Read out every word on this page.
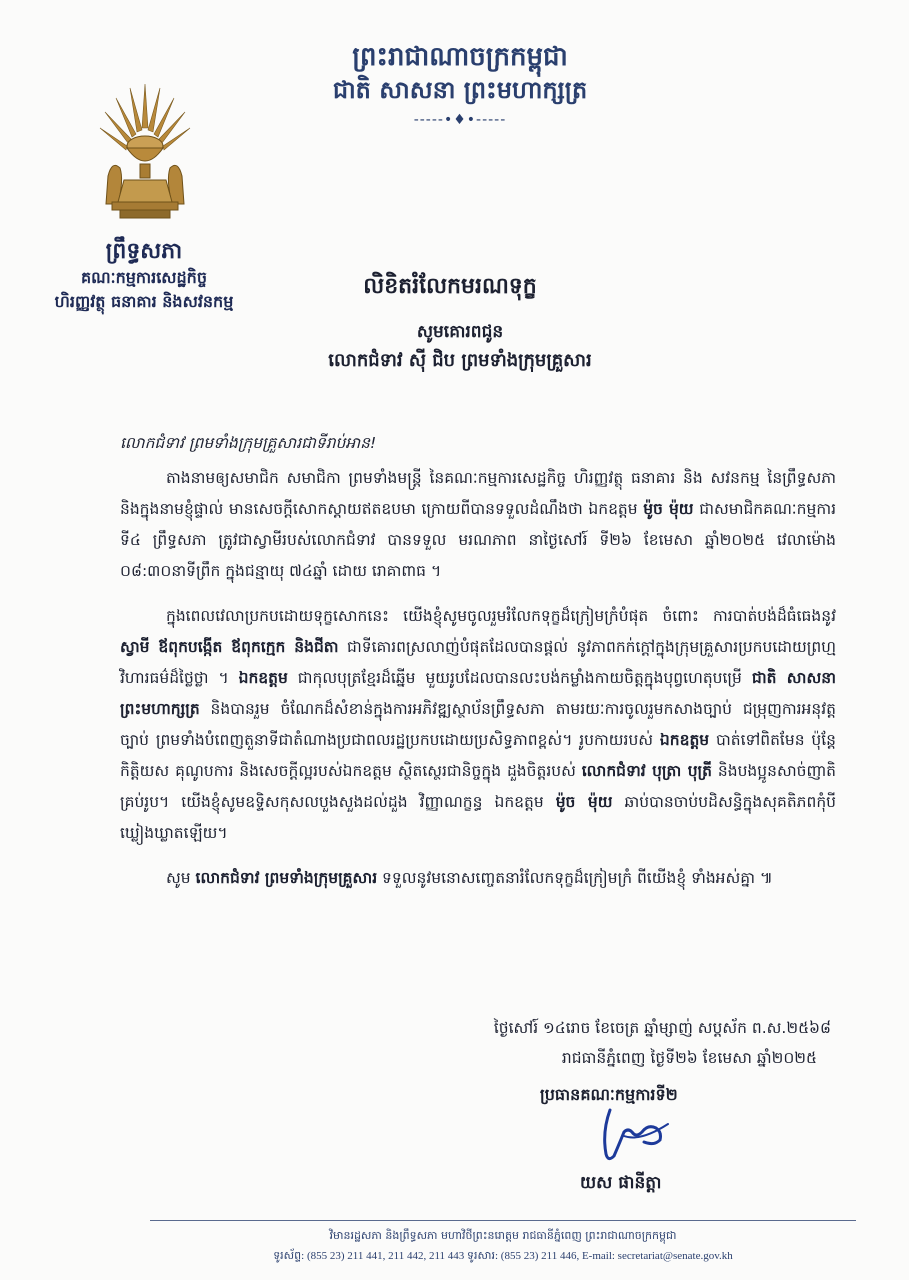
ព្រះរាជាណាចក្រកម្ពុជា
ជាតិ សាសនា ព្រះមហាក្សត្រ
-----•♦•-----
ព្រឹទ្ធសភា
គណៈកម្មការសេដ្ឋកិច្ច
ហិរញ្ញវត្ថុ ធនាគារ និងសវនកម្ម
លិខិតរំលែកមរណទុក្ខ
សូមគោរពជូន
លោកជំទាវ ស៊ី ជិប ព្រមទាំងក្រុមគ្រួសារ

លោកជំទាវ ព្រមទាំងក្រុមគ្រួសារជាទីរាប់អាន!

តាងនាមឲ្យសមាជិក សមាជិកា ព្រមទាំងមន្រ្តី នៃគណៈកម្មការសេដ្ឋកិច្ច ហិរញ្ញវត្ថុ ធនាគារ និង សវនកម្ម នៃព្រឹទ្ធសភា និងក្នុងនាមខ្ញុំផ្ទាល់ មានសេចក្តីសោកស្តាយឥតឧបមា ក្រោយពីបានទទួលដំណឹងថា ឯកឧត្តម ម៉ូច ម៉ុយ ជាសមាជិកគណៈកម្មការទី៤ ព្រឹទ្ធសភា ត្រូវជាស្វាមីរបស់លោកជំទាវ បានទទួល មរណភាព នាថ្ងៃសៅរ៍ ទី២៦ ខែមេសា ឆ្នាំ២០២៥ វេលាម៉ោង ០៨:៣០នាទីព្រឹក ក្នុងជន្មាយុ ៧៤ឆ្នាំ ដោយ រោគាពាធ ។

ក្នុងពេលវេលាប្រកបដោយទុក្ខសោកនេះ យើងខ្ញុំសូមចូលរួមរំលែកទុក្ខដ៏ក្រៀមក្រំបំផុត ចំពោះ ការបាត់បង់ដ៏ធំធេងនូវស្វាមី ឪពុកបង្កើត ឪពុកក្មេក និងជីតា ជាទីគោរពស្រលាញ់បំផុតដែលបានផ្តល់ នូវភាពកក់ក្តៅក្នុងក្រុមគ្រួសារប្រកបដោយព្រហ្មវិហារធម៌ដ៏ថ្លៃថ្លា ។ ឯកឧត្តម ជាកុលបុត្រខ្មែរដ៏ឆ្នើម មួយរូបដែលបានលះបង់កម្លាំងកាយចិត្តក្នុងបុព្វហេតុបម្រើ ជាតិ សាសនា ព្រះមហាក្សត្រ និងបានរួម ចំណែកដ៏សំខាន់ក្នុងការអភិវឌ្ឍស្ថាប័នព្រឹទ្ធសភា តាមរយៈការចូលរួមកសាងច្បាប់ ជម្រុញការអនុវត្តច្បាប់ ព្រមទាំងបំពេញតួនាទីជាតំណាងប្រជាពលរដ្ឋប្រកបដោយប្រសិទ្ធភាពខ្ពស់។ រូបកាយរបស់ ឯកឧត្តម បាត់ទៅពិតមែន ប៉ុន្តែកិត្តិយស គុណូបការ និងសេចក្តីល្អរបស់ឯកឧត្តម ស្ថិតស្ថេរជានិច្ចក្នុង ដួងចិត្តរបស់ លោកជំទាវ បុត្រា បុត្រី និងបងប្អូនសាច់ញាតិគ្រប់រូប។ យើងខ្ញុំសូមឧទ្ទិសកុសលបួងសួងដល់ដួង វិញ្ញាណក្ខន្ធ ឯកឧត្តម ម៉ូច ម៉ុយ ឆាប់បានចាប់បដិសន្ធិក្នុងសុគតិភពកុំបីឃ្លៀងឃ្លាតឡើយ។

សូម លោកជំទាវ ព្រមទាំងក្រុមគ្រួសារ ទទួលនូវមនោសញ្ចេតនារំលែកទុក្ខដ៏ក្រៀមក្រំ ពីយើងខ្ញុំ ទាំងអស់គ្នា ៕

ថ្ងៃសៅរ៍ ១៤រោច ខែចេត្រ ឆ្នាំម្សាញ់ សប្តស័ក ព.ស.២៥៦៨
រាជធានីភ្នំពេញ ថ្ងៃទី២៦ ខែមេសា ឆ្នាំ២០២៥
ប្រធានគណៈកម្មការទី២
យស ផានីត្តា
វិមានរដ្ឋសភា និងព្រឹទ្ធសភា មហាវិថីព្រះនរោត្តម រាជធានីភ្នំពេញ ព្រះរាជាណាចក្រកម្ពុជា
ទូរស័ព្ទ: (855 23) 211 441, 211 442, 211 443 ទូរសារ: (855 23) 211 446, E-mail: secretariat@senate.gov.kh
